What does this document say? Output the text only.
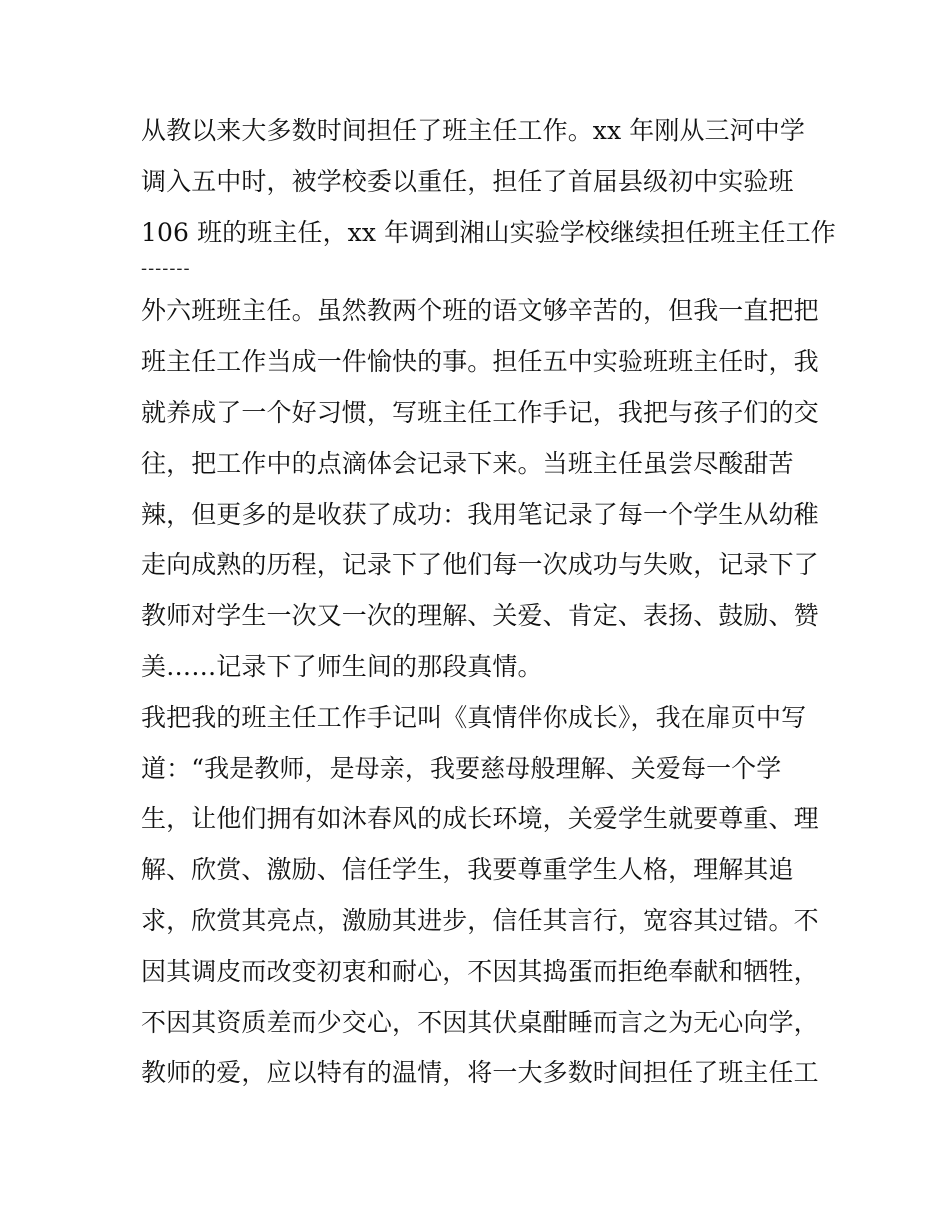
从教以来大多数时间担任了班主任工作。xx 年刚从三河中学
调入五中时，被学校委以重任，担任了首届县级初中实验班
106 班的班主任，xx 年调到湘山实验学校继续担任班主任工作
-------
外六班班主任。虽然教两个班的语文够辛苦的，但我一直把把
班主任工作当成一件愉快的事。担任五中实验班班主任时，我
就养成了一个好习惯，写班主任工作手记，我把与孩子们的交
往，把工作中的点滴体会记录下来。当班主任虽尝尽酸甜苦
辣，但更多的是收获了成功：我用笔记录了每一个学生从幼稚
走向成熟的历程，记录下了他们每一次成功与失败，记录下了
教师对学生一次又一次的理解、关爱、肯定、表扬、鼓励、赞
美……记录下了师生间的那段真情。
我把我的班主任工作手记叫《真情伴你成长》，我在扉页中写
道：“我是教师，是母亲，我要慈母般理解、关爱每一个学
生，让他们拥有如沐春风的成长环境，关爱学生就要尊重、理
解、欣赏、激励、信任学生，我要尊重学生人格，理解其追
求，欣赏其亮点，激励其进步，信任其言行，宽容其过错。不
因其调皮而改变初衷和耐心，不因其捣蛋而拒绝奉献和牺牲，
不因其资质差而少交心，不因其伏桌酣睡而言之为无心向学，
教师的爱，应以特有的温情，将一大多数时间担任了班主任工
